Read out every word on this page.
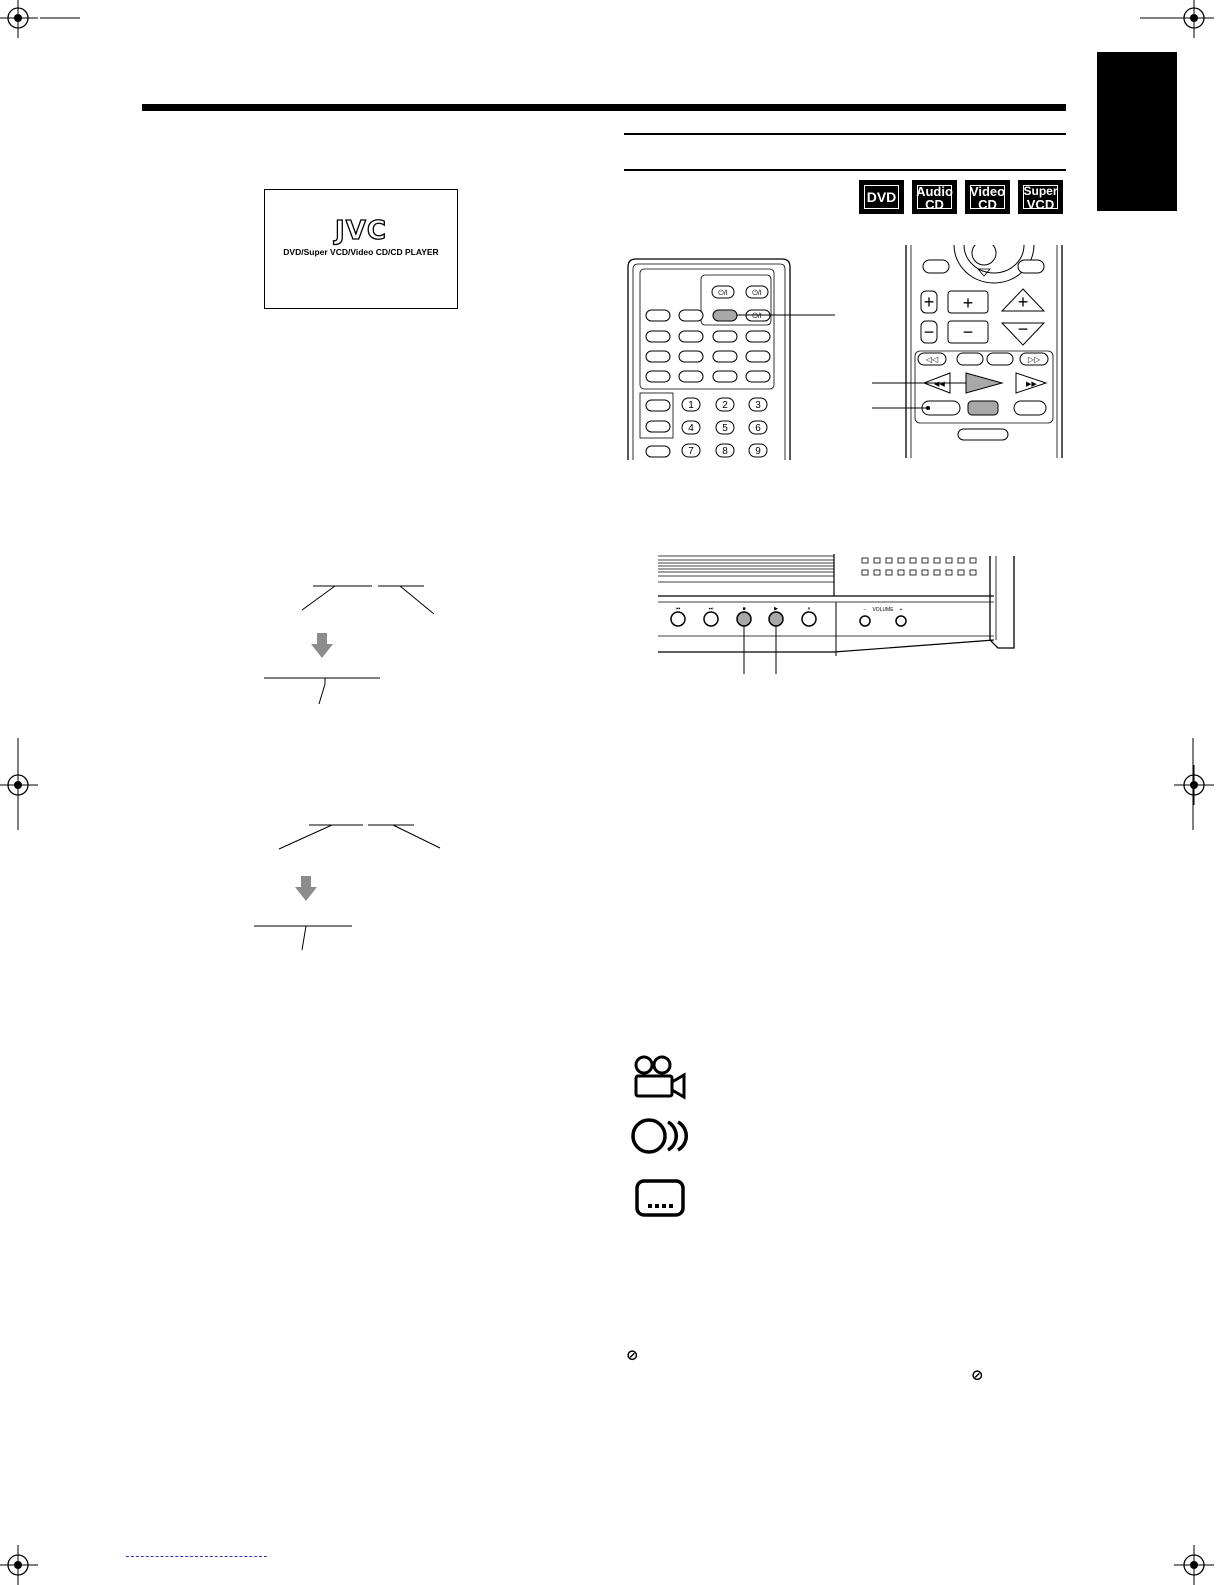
JVC
DVD/Super VCD/Video CD/CD PLAYER
DVD	Audio
CD
Video
CD
Super
VCD
⏻/I	⏻/I
⏻/I
1	2	3
4	5	6
7	8	9
+ + +
− − −
◁◁	▷▷
◀◀	▶▶
⏮	⏭	■	▶	⏸	− VOLUME +
⊘
⊘
